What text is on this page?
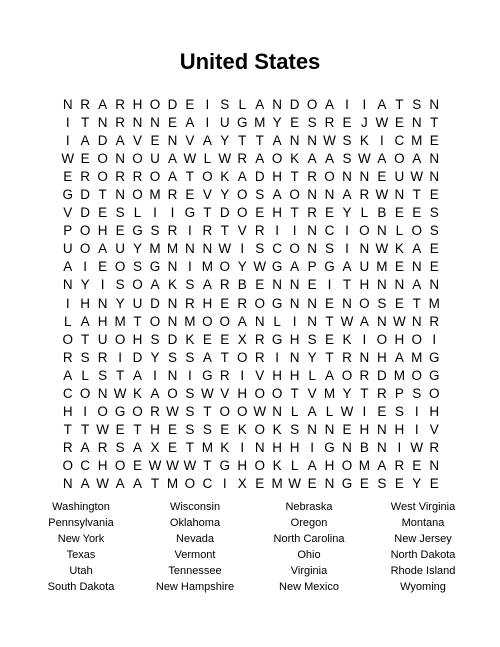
United States
N R A R H O D E I S L A N D O A I	I A T S N
I T N R N N E A I U G M Y E S R E J W E N T
I A D A V E N V A Y T T A N N W S K I C M E
W E O N O U A W L W R A O K A A S W A O A N
E R O R R O A T O K A D H T R O N N E U W N
G D T N O M R E V Y O S A O N N A R W N T E
V D E S L I	I G T D O E H T R E Y L B E E S
P O H E G S R I R T V R I	I N C I O N L O S
U O A U Y M M N N W I S C O N S I N W K A E
A I E O S G N I M O Y W G A P G A U M E N E
N Y I S O A K S A R B E N N E I T H N N A N
I H N Y U D N R H E R O G N N E N O S E T M
L A H M T O N M O O A N L I N T W A N W N R
O T U O H S D K E E X R G H S E K I O H O I
R S R I D Y S S A T O R I N Y T R N H A M G
A L S T A I N I G R I V H H L A O R D M O G
C O N W K A O S W V H O O T V M Y T R P S O
H I O G O R W S T O O W N L A L W I E S I H
T T W E T H E S S E K O K S N N E H N H I V
R A R S A X E T M K I N H H I G N B N I W R
O C H O E W W W T G H O K L A H O M A R E N
N A W A A T M O C I X E M W E N G E S E Y E
Washington	Wisconsin	Nebraska	West Virginia
Pennsylvania	Oklahoma	Oregon	Montana
New York	Nevada	North Carolina	New Jersey
Texas	Vermont	Ohio	North Dakota
Utah	Tennessee	Virginia	Rhode Island
South Dakota	New Hampshire	New Mexico	Wyoming
